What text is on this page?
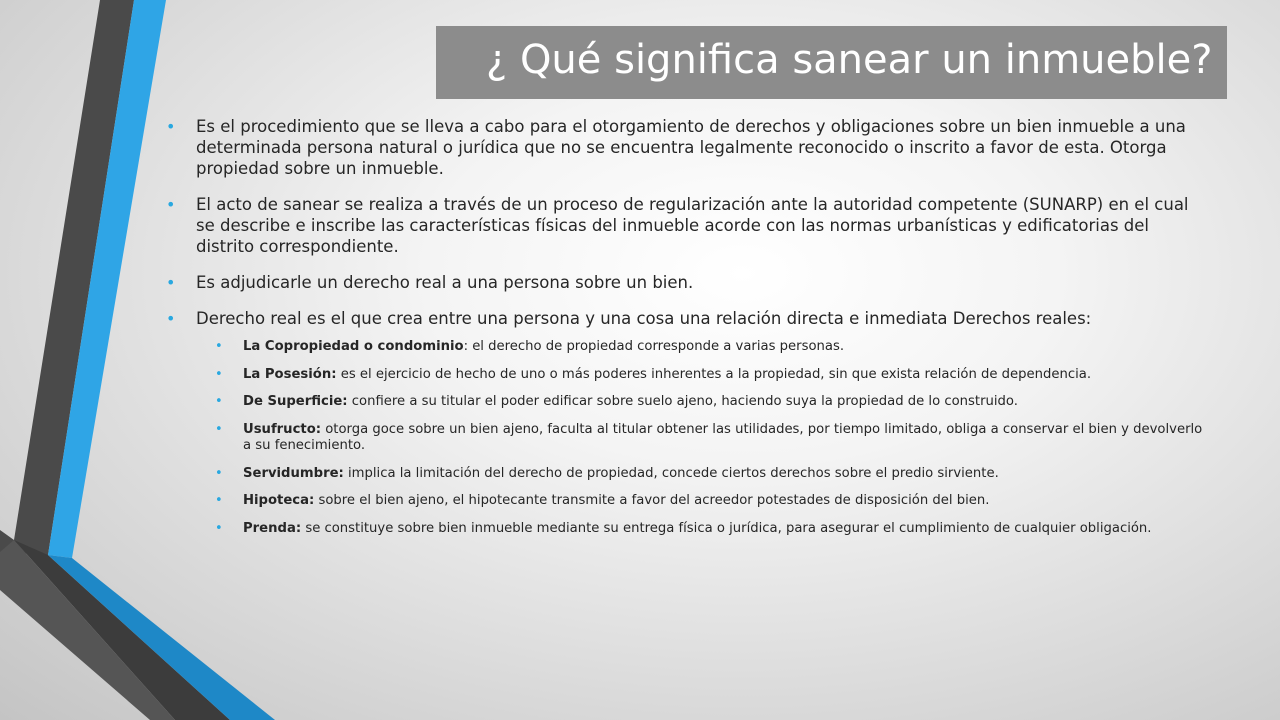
¿ Qué significa sanear un inmueble?
• Es el procedimiento que se lleva a cabo para el otorgamiento de derechos y obligaciones sobre un bien inmueble a una determinada persona natural o jurídica que no se encuentra legalmente reconocido o inscrito a favor de esta. Otorga propiedad sobre un inmueble.
• El acto de sanear se realiza a través de un proceso de regularización ante la autoridad competente (SUNARP) en el cual se describe e inscribe las características físicas del inmueble acorde con las normas urbanísticas y edificatorias del distrito correspondiente.
• Es adjudicarle un derecho real a una persona sobre un bien.
• Derecho real es el que crea entre una persona y una cosa una relación directa e inmediata Derechos reales:
• La Copropiedad o condominio: el derecho de propiedad corresponde a varias personas.
• La Posesión: es el ejercicio de hecho de uno o más poderes inherentes a la propiedad, sin que exista relación de dependencia.
• De Superficie: confiere a su titular el poder edificar sobre suelo ajeno, haciendo suya la propiedad de lo construido.
• Usufructo: otorga goce sobre un bien ajeno, faculta al titular obtener las utilidades, por tiempo limitado, obliga a conservar el bien y devolverlo a su fenecimiento.
• Servidumbre: implica la limitación del derecho de propiedad, concede ciertos derechos sobre el predio sirviente.
• Hipoteca: sobre el bien ajeno, el hipotecante transmite a favor del acreedor potestades de disposición del bien.
• Prenda: se constituye sobre bien inmueble mediante su entrega física o jurídica, para asegurar el cumplimiento de cualquier obligación.
